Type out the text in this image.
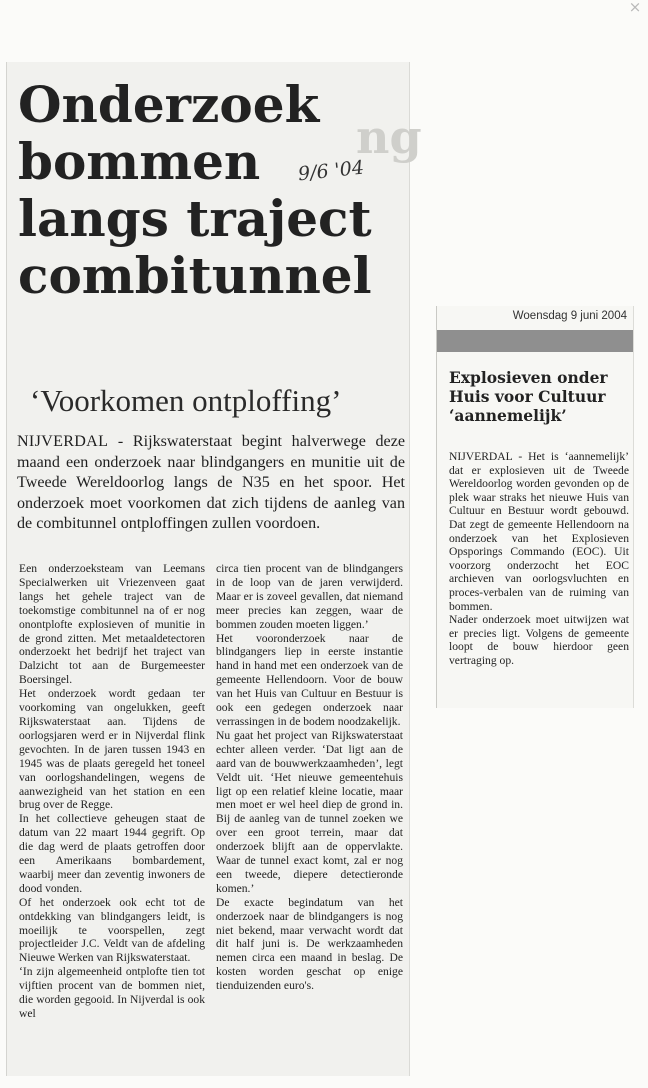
×
ng
Onderzoek bommen langs traject combitunnel
9/6 '04
‘Voorkomen ontploffing’

NIJVERDAL - Rijkswaterstaat begint halverwege deze maand een onderzoek naar blindgangers en munitie uit de Tweede Wereldoorlog langs de N35 en het spoor. Het onderzoek moet voorkomen dat zich tijdens de aanleg van de combitunnel ontploffingen zullen voordoen.

Een onderzoeksteam van Leemans Specialwerken uit Vriezenveen gaat langs het gehele traject van de toekomstige combitunnel na of er nog onontplofte explosieven of munitie in de grond zitten. Met metaaldetectoren onderzoekt het bedrijf het traject van Dalzicht tot aan de Burgemeester Boersingel.

Het onderzoek wordt gedaan ter voorkoming van ongelukken, geeft Rijkswaterstaat aan. Tijdens de oorlogsjaren werd er in Nijverdal flink gevochten. In de jaren tussen 1943 en 1945 was de plaats geregeld het toneel van oorlogshandelingen, wegens de aanwezigheid van het station en een brug over de Regge.

In het collectieve geheugen staat de datum van 22 maart 1944 gegrift. Op die dag werd de plaats getroffen door een Amerikaans bombardement, waarbij meer dan zeventig inwoners de dood vonden.

Of het onderzoek ook echt tot de ontdekking van blindgangers leidt, is moeilijk te voorspellen, zegt projectleider J.C. Veldt van de afdeling Nieuwe Werken van Rijkswaterstaat.

‘In zijn algemeenheid ontplofte tien tot vijftien procent van de bommen niet, die worden gegooid. In Nijverdal is ook wel

circa tien procent van de blindgangers in de loop van de jaren verwijderd. Maar er is zoveel gevallen, dat niemand meer precies kan zeggen, waar de bommen zouden moeten liggen.’

Het vooronderzoek naar de blindgangers liep in eerste instantie hand in hand met een onderzoek van de gemeente Hellendoorn. Voor de bouw van het Huis van Cultuur en Bestuur is ook een gedegen onderzoek naar verrassingen in de bodem noodzakelijk.

Nu gaat het project van Rijkswaterstaat echter alleen verder. ‘Dat ligt aan de aard van de bouwwerkzaamheden’, legt Veldt uit. ‘Het nieuwe gemeentehuis ligt op een relatief kleine locatie, maar men moet er wel heel diep de grond in. Bij de aanleg van de tunnel zoeken we over een groot terrein, maar dat onderzoek blijft aan de oppervlakte. Waar de tunnel exact komt, zal er nog een tweede, diepere detectieronde komen.’

De exacte begindatum van het onderzoek naar de blindgangers is nog niet bekend, maar verwacht wordt dat dit half juni is. De werkzaamheden nemen circa een maand in beslag. De kosten worden geschat op enige tienduizenden euro's.

Woensdag 9 juni 2004
Explosieven onder Huis voor Cultuur ‘aannemelijk’

NIJVERDAL - Het is ‘aannemelijk’ dat er explosieven uit de Tweede Wereldoorlog worden gevonden op de plek waar straks het nieuwe Huis van Cultuur en Bestuur wordt gebouwd. Dat zegt de gemeente Hellendoorn na onderzoek van het Explosieven Opsporings Commando (EOC). Uit voorzorg onderzocht het EOC archieven van oorlogsvluchten en proces-verbalen van de ruiming van bommen.

Nader onderzoek moet uitwijzen wat er precies ligt. Volgens de gemeente loopt de bouw hierdoor geen vertraging op.
